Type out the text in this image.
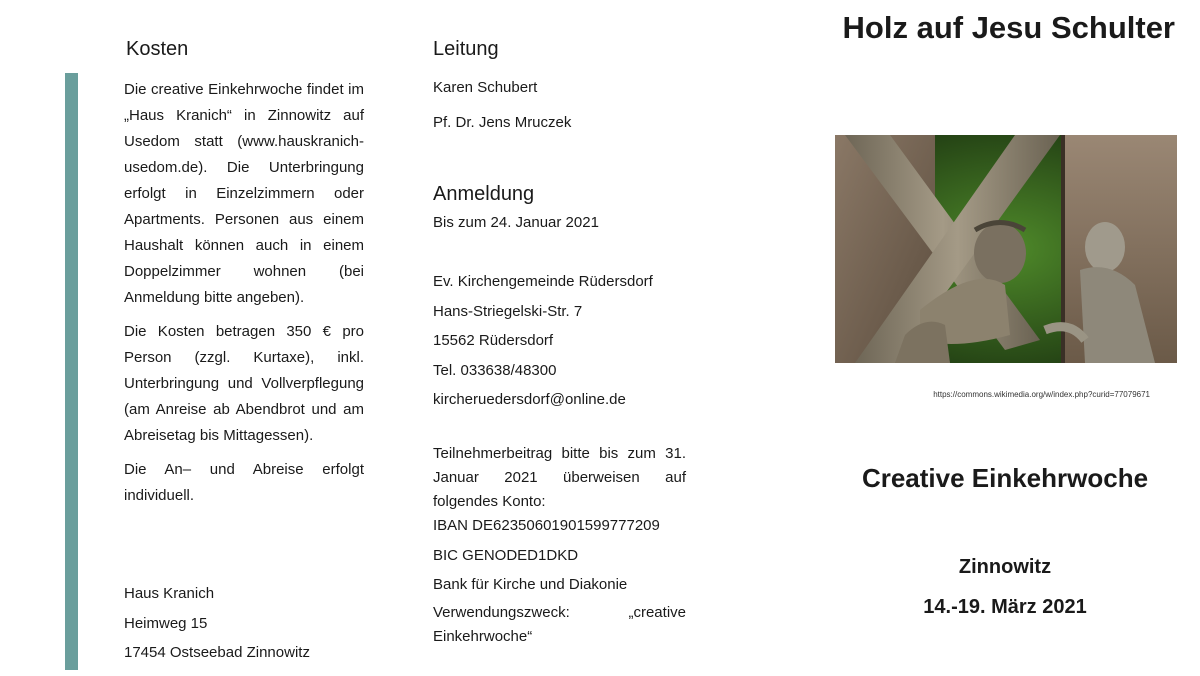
Kosten

Die creative Einkehrwoche findet im „Haus Kranich“ in Zinnowitz auf Usedom statt (www.hauskranich-usedom.de). Die Unterbringung erfolgt in Einzelzimmern oder Apartments. Personen aus einem Haushalt können auch in einem Doppelzimmer wohnen (bei Anmeldung bitte angeben).

Die Kosten betragen 350 € pro Person (zzgl. Kurtaxe), inkl. Unterbringung und Vollverpflegung (am Anreise ab Abendbrot und am Abreisetag bis Mittagessen).

Die An– und Abreise erfolgt individuell.

Haus Kranich
Heimweg 15
17454 Ostseebad Zinnowitz
Leitung
Karen Schubert
Pf. Dr. Jens Mruczek
Anmeldung
Bis zum 24. Januar 2021
Ev. Kirchengemeinde Rüdersdorf
Hans-Striegelski-Str. 7
15562 Rüdersdorf
Tel. 033638/48300
kircheruedersdorf@online.de

Teilnehmerbeitrag bitte bis zum 31. Januar 2021 überweisen auf folgendes Konto:

IBAN DE62350601901599777209
BIC GENODED1DKD
Bank für Kirche und Diakonie

Verwendungszweck: „creative Einkehrwoche“

Holz auf Jesu Schulter
https://commons.wikimedia.org/w/index.php?curid=77079671
Creative Einkehrwoche
Zinnowitz
14.-19. März 2021
